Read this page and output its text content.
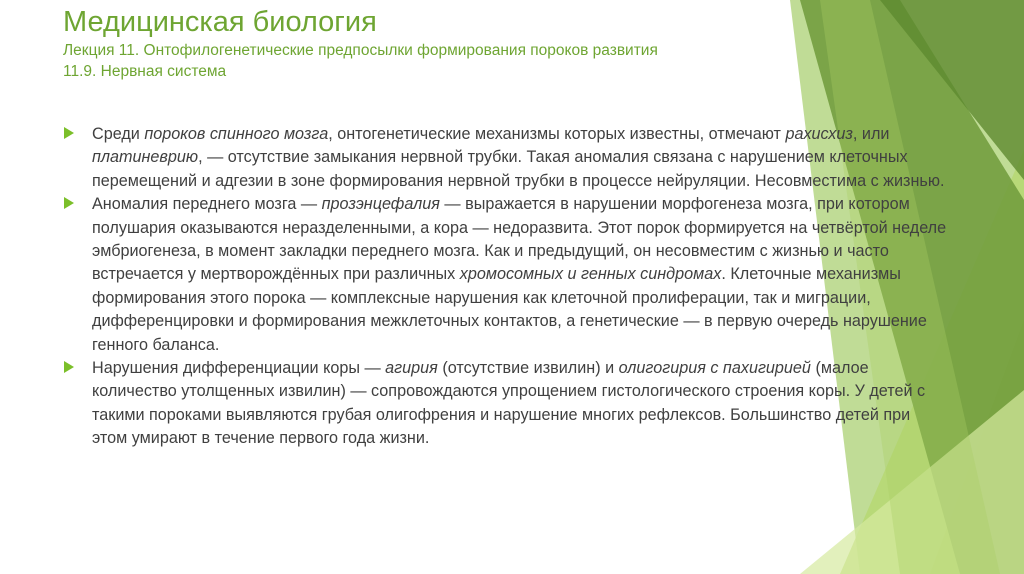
Медицинская биология
Лекция 11. Онтофилогенетические предпосылки формирования пороков развития
11.9. Нервная система

Среди пороков спинного мозга, онтогенетические механизмы которых известны, отмечают рахисхиз, или платиневрию, — отсутствие замыкания нервной трубки. Такая аномалия связана с нарушением клеточных перемещений и адгезии в зоне формирования нервной трубки в процессе нейруляции. Несовместима с жизнью.

Аномалия переднего мозга — прозэнцефалия — выражается в нарушении морфогенеза мозга, при котором полушария оказываются неразделенными, а кора — недоразвита. Этот порок формируется на четвёртой неделе эмбриогенеза, в момент закладки переднего мозга. Как и предыдущий, он несовместим с жизнью и часто встречается у мертворождённых при различных хромосомных и генных синдромах. Клеточные механизмы формирования этого порока — комплексные нарушения как клеточной пролиферации, так и миграции, дифференцировки и формирования межклеточных контактов, а генетические — в первую очередь нарушение генного баланса.

Нарушения дифференциации коры — агирия (отсутствие извилин) и олигогирия с пахигирией (малое количество утолщенных извилин) — сопровождаются упрощением гистологического строения коры. У детей с такими пороками выявляются грубая олигофрения и нарушение многих рефлексов. Большинство детей при этом умирают в течение первого года жизни.
